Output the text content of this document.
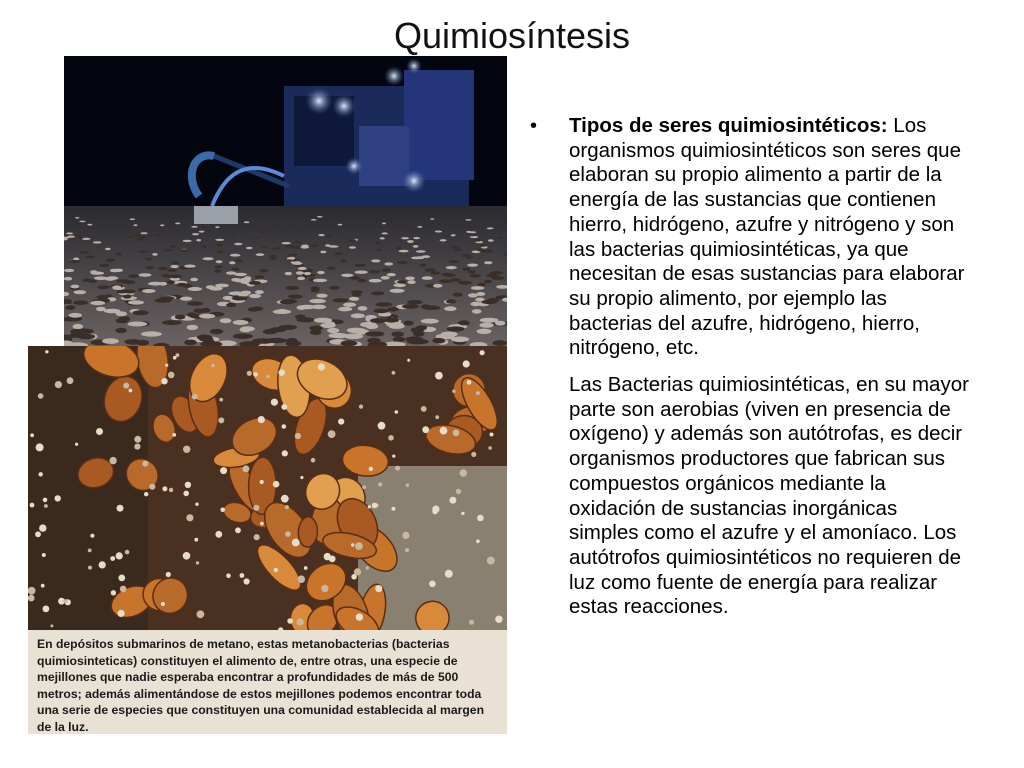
Quimiosíntesis
En depósitos submarinos de metano, estas metanobacterias (bacterias quimiosinteticas) constituyen el alimento de, entre otras, una especie de mejillones que nadie esperaba encontrar a profundidades de más de 500 metros; además alimentándose de estos mejillones podemos encontrar toda una serie de especies que constituyen una comunidad establecida al margen de la luz.
• Tipos de seres quimiosintéticos: Los organismos quimiosintéticos son seres que elaboran su propio alimento a partir de la energía de las sustancias que contienen hierro, hidrógeno, azufre y nitrógeno y son las bacterias quimiosintéticas, ya que necesitan de esas sustancias para elaborar su propio alimento, por ejemplo las bacterias del azufre, hidrógeno, hierro, nitrógeno, etc.
Las Bacterias quimiosintéticas, en su mayor parte son aerobias (viven en presencia de oxígeno) y además son autótrofas, es decir organismos productores que fabrican sus compuestos orgánicos mediante la oxidación de sustancias inorgánicas simples como el azufre y el amoníaco. Los autótrofos quimiosintéticos no requieren de luz como fuente de energía para realizar estas reacciones.
